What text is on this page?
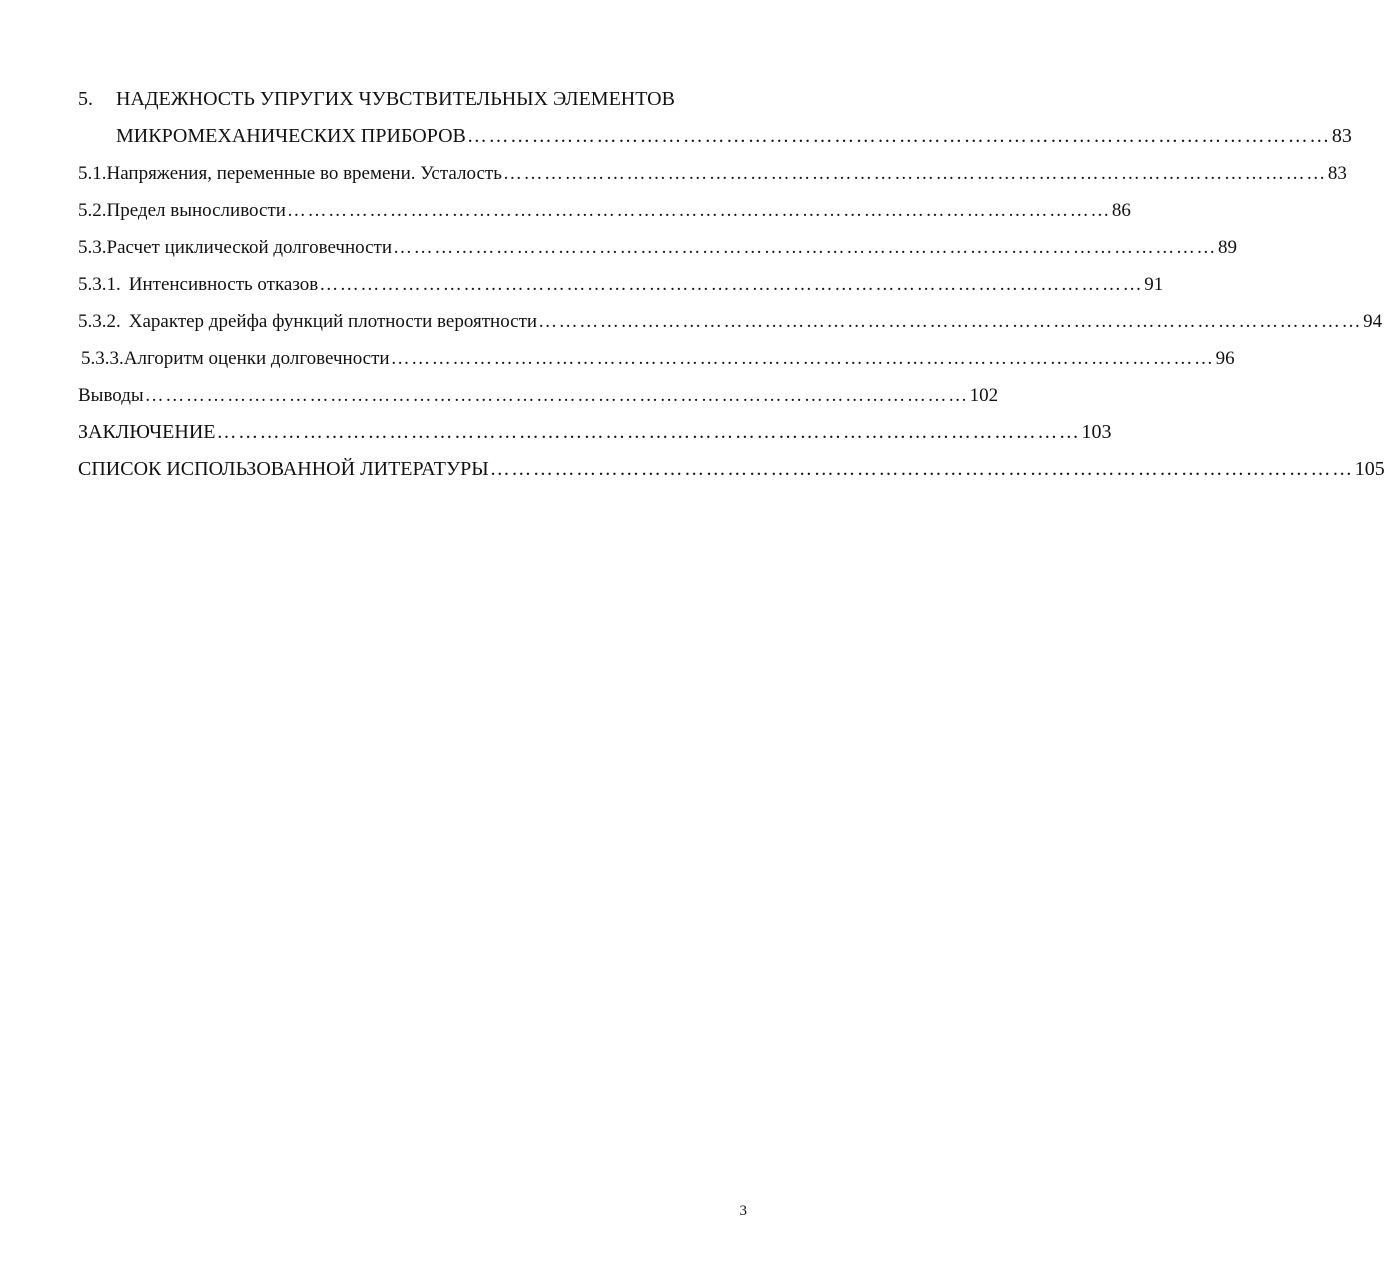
5.	НАДЕЖНОСТЬ УПРУГИХ ЧУВСТВИТЕЛЬНЫХ ЭЛЕМЕНТОВ
МИКРОМЕХАНИЧЕСКИХ ПРИБОРОВ ………………………………………………………………………………………………………… 83
5.1. Напряжения, переменные во времени. Усталость ………………………………………………………………………………………………………… 83
5.2. Предел выносливости ………………………………………………………………………………………………………… 86
5.3. Расчет циклической долговечности ………………………………………………………………………………………………………… 89
5.3.1. Интенсивность отказов ………………………………………………………………………………………………………… 91
5.3.2. Характер дрейфа функций плотности вероятности ………………………………………………………………………………………………………… 94
5.3.3. Алгоритм оценки долговечности ………………………………………………………………………………………………………… 96
Выводы ………………………………………………………………………………………………………… 102
ЗАКЛЮЧЕНИЕ ………………………………………………………………………………………………………… 103
СПИСОК ИСПОЛЬЗОВАННОЙ ЛИТЕРАТУРЫ ………………………………………………………………………………………………………… 105
3
